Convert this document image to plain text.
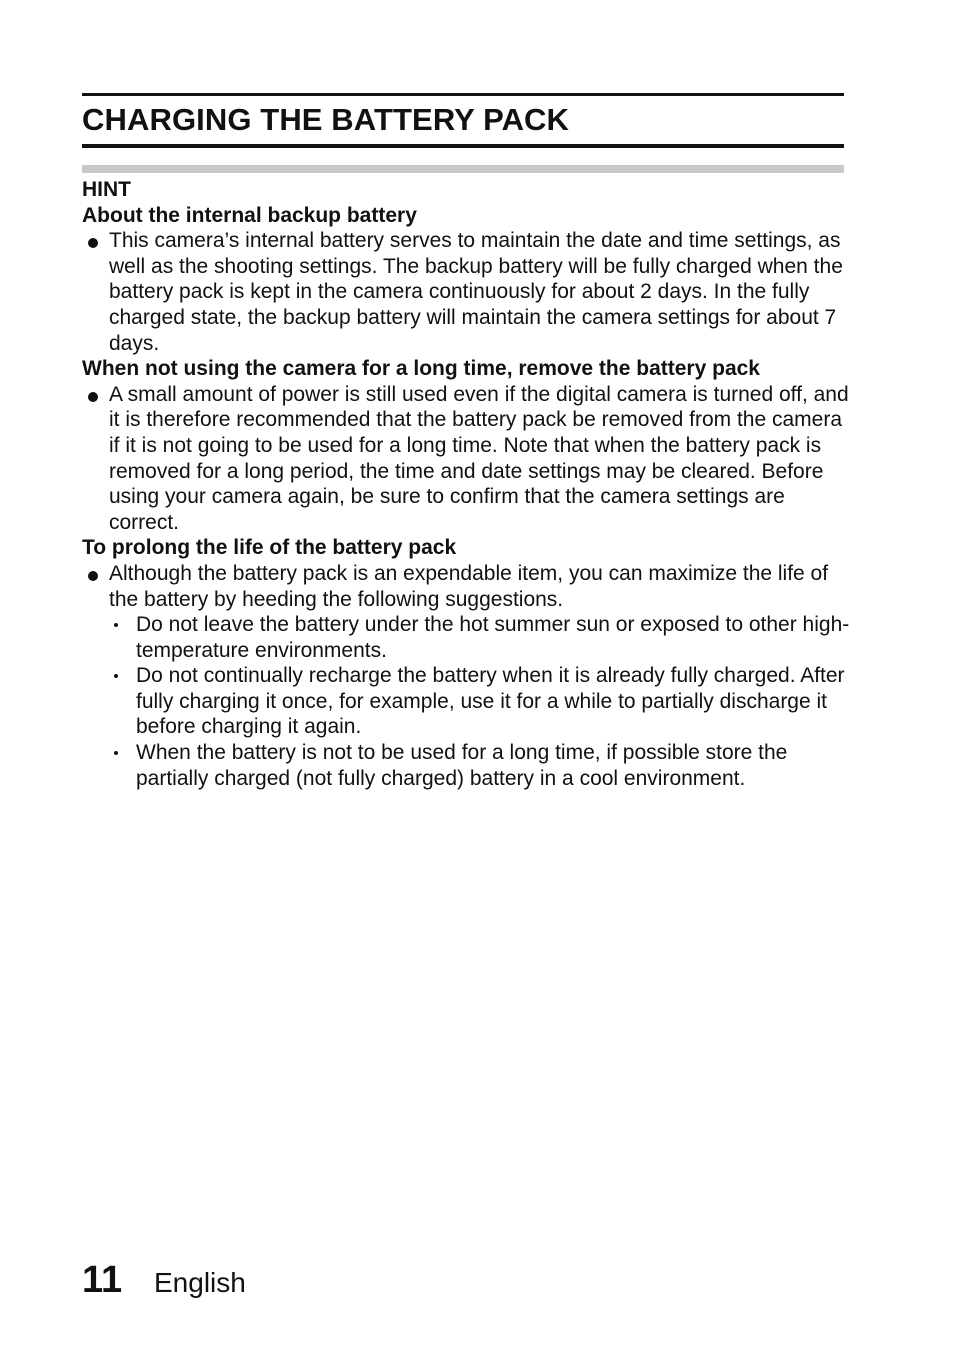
CHARGING THE BATTERY PACK
HINT
About the internal backup battery
This camera’s internal battery serves to maintain the date and time settings, as well as the shooting settings. The backup battery will be fully charged when the battery pack is kept in the camera continuously for about 2 days. In the fully charged state, the backup battery will maintain the camera settings for about 7 days.
When not using the camera for a long time, remove the battery pack
A small amount of power is still used even if the digital camera is turned off, and it is therefore recommended that the battery pack be removed from the camera if it is not going to be used for a long time. Note that when the battery pack is removed for a long period, the time and date settings may be cleared. Before using your camera again, be sure to confirm that the camera settings are correct.
To prolong the life of the battery pack
Although the battery pack is an expendable item, you can maximize the life of the battery by heeding the following suggestions.
Do not leave the battery under the hot summer sun or exposed to other high-temperature environments.
Do not continually recharge the battery when it is already fully charged. After fully charging it once, for example, use it for a while to partially discharge it before charging it again.
When the battery is not to be used for a long time, if possible store the partially charged (not fully charged) battery in a cool environment.
11 English
